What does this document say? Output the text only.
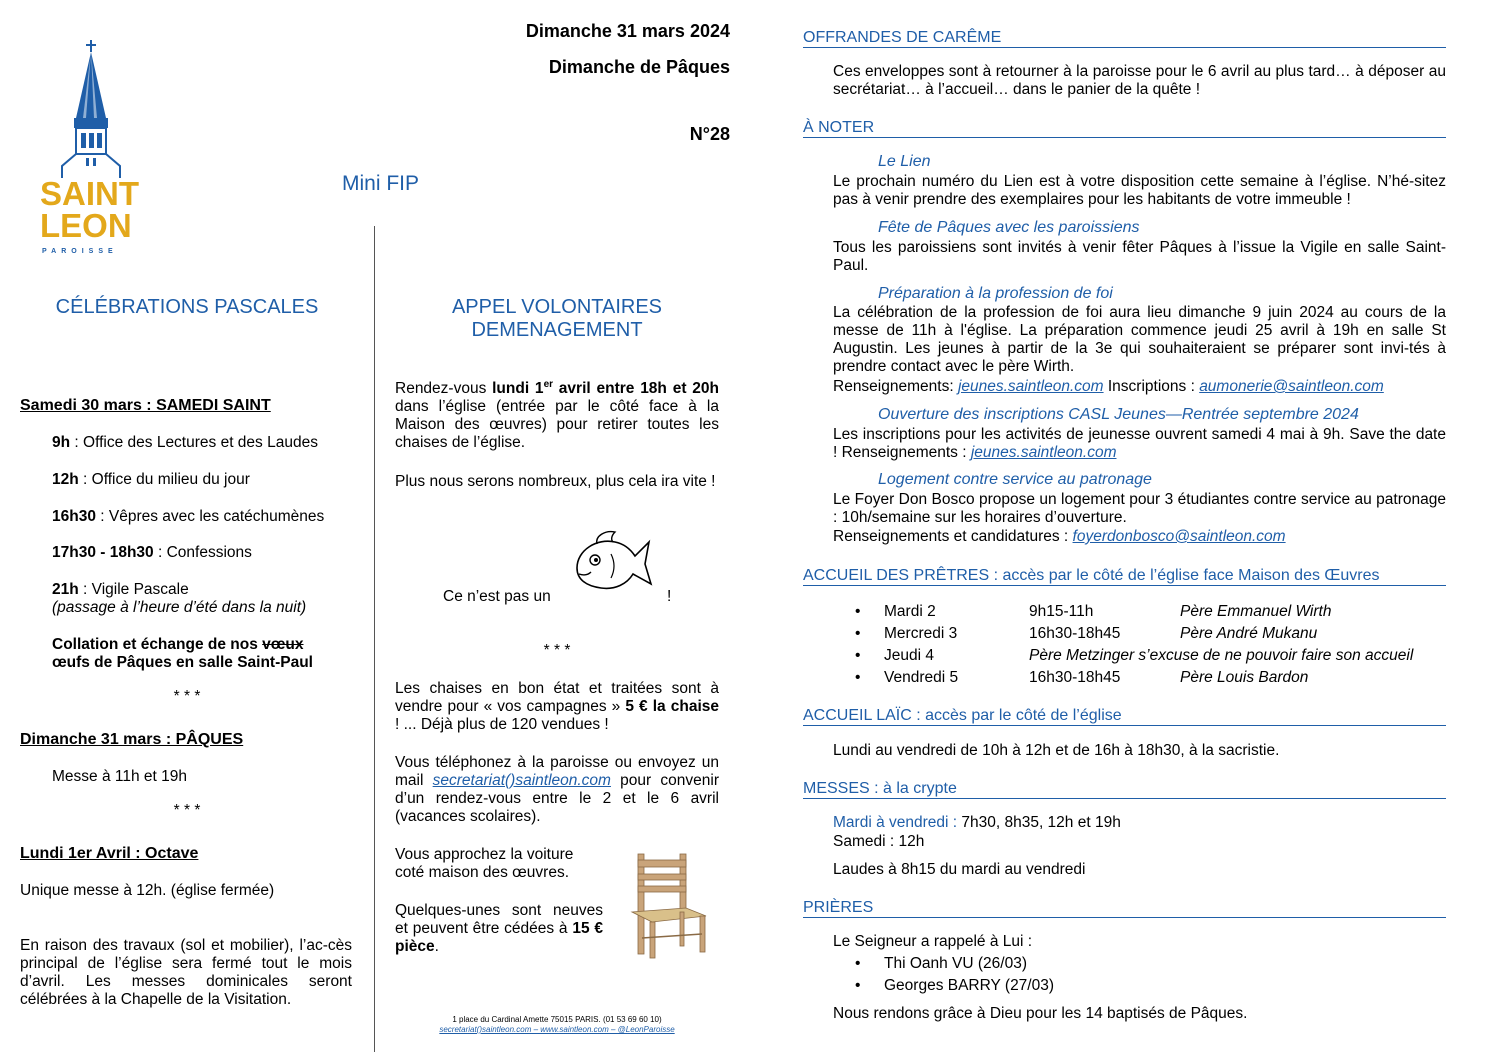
SAINT
LEON
PAROISSE
Dimanche 31 mars 2024
Dimanche de Pâques
N°28
Mini FIP
CÉLÉBRATIONS PASCALES
Samedi 30 mars : SAMEDI SAINT
9h : Office des Lectures et des Laudes
12h : Office du milieu du jour
16h30 : Vêpres avec les catéchumènes
17h30 - 18h30 : Confessions
21h : Vigile Pascale
(passage à l’heure d’été dans la nuit)
Collation et échange de nos vœux
œufs de Pâques en salle Saint-Paul
* * *
Dimanche 31 mars : PÂQUES
Messe à 11h et 19h
* * *
Lundi 1er Avril : Octave
Unique messe à 12h. (église fermée)
En raison des travaux (sol et mobilier), l’ac-cès principal de l’église sera fermé tout le mois d’avril. Les messes dominicales seront célébrées à la Chapelle de la Visitation.
APPEL VOLONTAIRES
DEMENAGEMENT
Rendez-vous lundi 1er avril entre 18h et 20h dans l’église (entrée par le côté face à la Maison des œuvres) pour retirer toutes les chaises de l’église.
Plus nous serons nombreux, plus cela ira vite !
Ce n’est pas un	!
* * *
Les chaises en bon état et traitées sont à vendre pour « vos campagnes » 5 € la chaise ! ... Déjà plus de 120 vendues !
Vous téléphonez à la paroisse ou envoyez un mail secretariat()saintleon.com pour convenir d’un rendez-vous entre le 2 et le 6 avril (vacances scolaires).
Vous approchez la voiture coté maison des œuvres.
Quelques-unes sont neuves et peuvent être cédées à 15 € pièce.
1 place du Cardinal Amette 75015 PARIS. (01 53 69 60 10)
secretariat()saintleon.com – www.saintleon.com – @LeonParoisse
OFFRANDES DE CARÊME
Ces enveloppes sont à retourner à la paroisse pour le 6 avril au plus tard… à déposer au secrétariat… à l’accueil… dans le panier de la quête !
À NOTER
Le Lien
Le prochain numéro du Lien est à votre disposition cette semaine à l’église. N’hé-sitez pas à venir prendre des exemplaires pour les habitants de votre immeuble !
Fête de Pâques avec les paroissiens
Tous les paroissiens sont invités à venir fêter Pâques à l’issue la Vigile en salle Saint-Paul.
Préparation à la profession de foi
La célébration de la profession de foi aura lieu dimanche 9 juin 2024 au cours de la messe de 11h à l'église. La préparation commence jeudi 25 avril à 19h en salle St Augustin. Les jeunes à partir de la 3e qui souhaiteraient se préparer sont invi-tés à prendre contact avec le père Wirth.
Renseignements: jeunes.saintleon.com Inscriptions : aumonerie@saintleon.com
Ouverture des inscriptions CASL Jeunes—Rentrée septembre 2024
Les inscriptions pour les activités de jeunesse ouvrent samedi 4 mai à 9h. Save the date ! Renseignements : jeunes.saintleon.com
Logement contre service au patronage
Le Foyer Don Bosco propose un logement pour 3 étudiantes contre service au patronage : 10h/semaine sur les horaires d’ouverture.
Renseignements et candidatures : foyerdonbosco@saintleon.com
ACCUEIL DES PRÊTRES : accès par le côté de l’église face Maison des Œuvres
Mardi 2	9h15-11h	Père Emmanuel Wirth
Mercredi 3	16h30-18h45	Père André Mukanu
Jeudi 4	Père Metzinger s’excuse de ne pouvoir faire son accueil
Vendredi 5	16h30-18h45	Père Louis Bardon
ACCUEIL LAÏC : accès par le côté de l’église
Lundi au vendredi de 10h à 12h et de 16h à 18h30, à la sacristie.
MESSES : à la crypte
Mardi à vendredi : 7h30, 8h35, 12h et 19h
Samedi : 12h
Laudes à 8h15 du mardi au vendredi
PRIÈRES
Le Seigneur a rappelé à Lui :
Thi Oanh VU (26/03)
Georges BARRY (27/03)
Nous rendons grâce à Dieu pour les 14 baptisés de Pâques.
